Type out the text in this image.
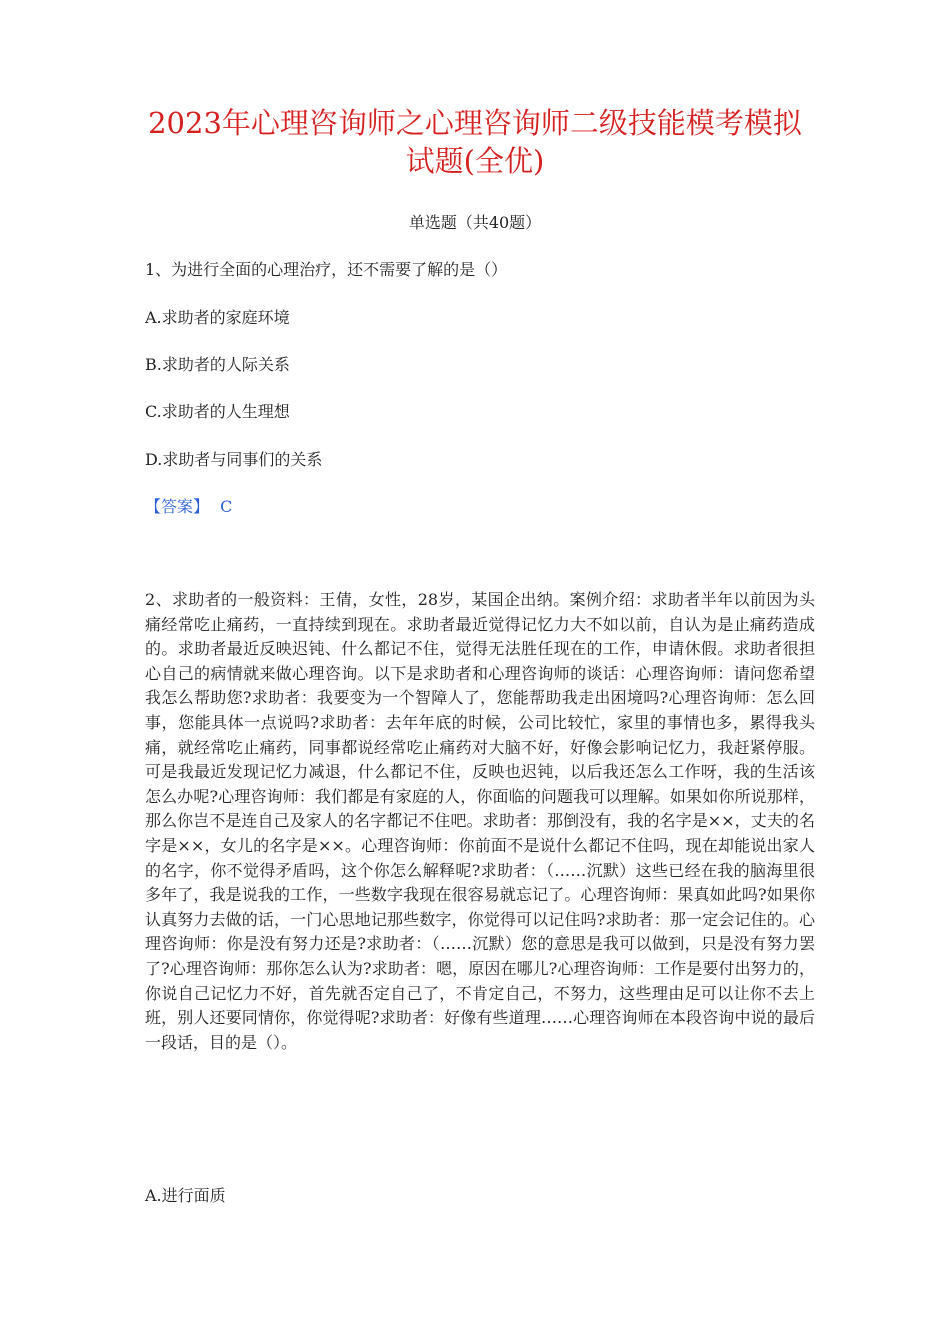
2023年心理咨询师之心理咨询师二级技能模考模拟
试题(全优)
单选题（共40题）

1、为进行全面的心理治疗，还不需要了解的是（）

A.求助者的家庭环境
B.求助者的人际关系
C.求助者的人生理想
D.求助者与同事们的关系
【答案】 C

2、求助者的一般资料：王倩，女性，28岁，某国企出纳。案例介绍：求助者半年以前因为头痛经常吃止痛药，一直持续到现在。求助者最近觉得记忆力大不如以前，自认为是止痛药造成的。求助者最近反映迟钝、什么都记不住，觉得无法胜任现在的工作，申请休假。求助者很担心自己的病情就来做心理咨询。以下是求助者和心理咨询师的谈话：心理咨询师：请问您希望我怎么帮助您?求助者：我要变为一个智障人了，您能帮助我走出困境吗?心理咨询师：怎么回事，您能具体一点说吗?求助者：去年年底的时候，公司比较忙，家里的事情也多，累得我头痛，就经常吃止痛药，同事都说经常吃止痛药对大脑不好，好像会影响记忆力，我赶紧停服。可是我最近发现记忆力减退，什么都记不住，反映也迟钝，以后我还怎么工作呀，我的生活该怎么办呢?心理咨询师：我们都是有家庭的人，你面临的问题我可以理解。如果如你所说那样，那么你岂不是连自己及家人的名字都记不住吧。求助者：那倒没有，我的名字是××，丈夫的名字是××，女儿的名字是××。心理咨询师：你前面不是说什么都记不住吗，现在却能说出家人的名字，你不觉得矛盾吗，这个你怎么解释呢?求助者：（……沉默）这些已经在我的脑海里很多年了，我是说我的工作，一些数字我现在很容易就忘记了。心理咨询师：果真如此吗?如果你认真努力去做的话，一门心思地记那些数字，你觉得可以记住吗?求助者：那一定会记住的。心理咨询师：你是没有努力还是?求助者：（……沉默）您的意思是我可以做到，只是没有努力罢了?心理咨询师：那你怎么认为?求助者：嗯，原因在哪儿?心理咨询师：工作是要付出努力的，你说自己记忆力不好，首先就否定自己了，不肯定自己，不努力，这些理由足可以让你不去上班，别人还要同情你，你觉得呢?求助者：好像有些道理……心理咨询师在本段咨询中说的最后一段话，目的是（）。

A.进行面质
